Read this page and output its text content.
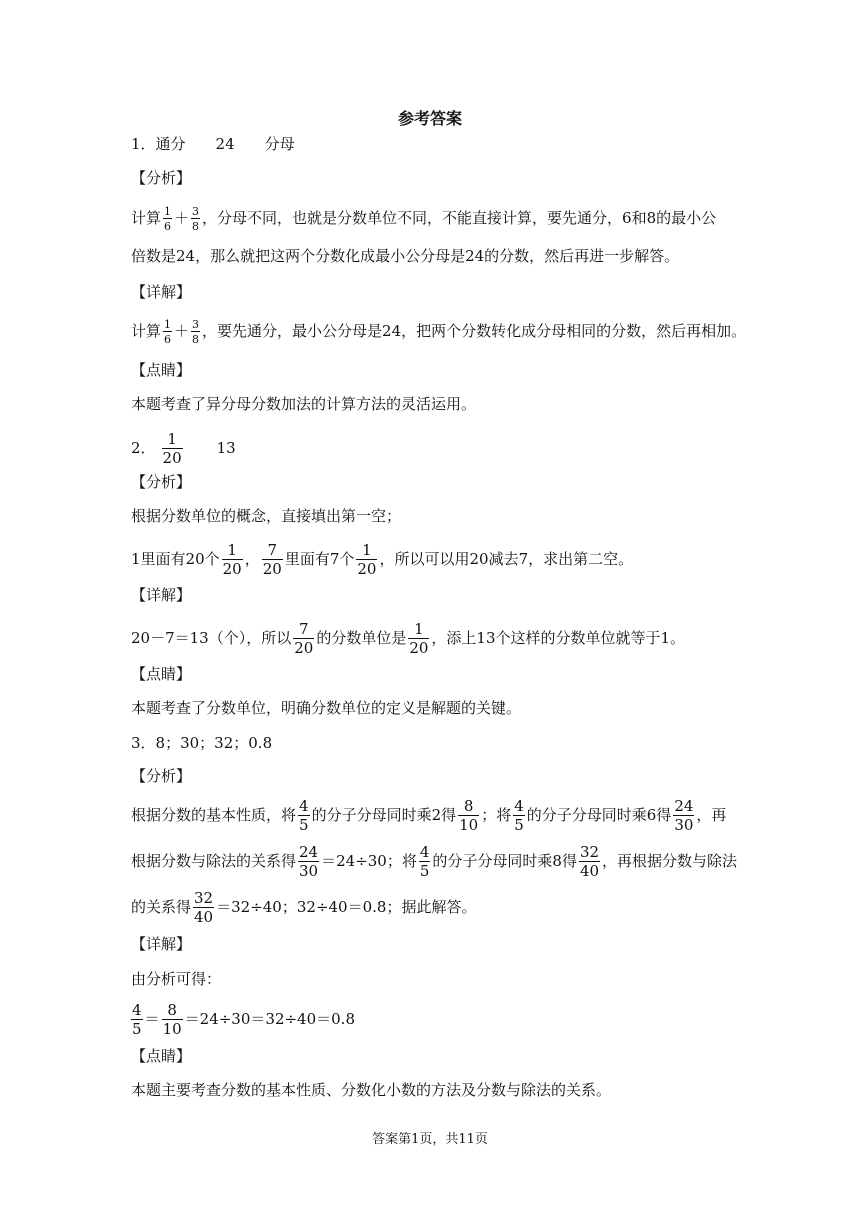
参考答案
1．通分　　24　　分母
【分析】
计算 $\frac{1}{6} + \frac{3}{8}$ ，分母不同，也就是分数单位不同，不能直接计算，要先通分，6和8的最小公
倍数是24，那么就把这两个分数化成最小公分母是24的分数，然后再进一步解答。
【详解】
计算 $\frac{1}{6} + \frac{3}{8}$ ，要先通分，最小公分母是24，把两个分数转化成分母相同的分数，然后再相加。
【点睛】
本题考查了异分母分数加法的计算方法的灵活运用。
2． $\frac{1}{20} 13$
【分析】
根据分数单位的概念，直接填出第一空；
1里面有20个 $\frac{1}{20}$ ， $\frac{7}{20}$ 里面有7个 $\frac{1}{20}$ ，所以可以用20减去7，求出第二空。
【详解】
20－7＝13（个），所以 $\frac{7}{20}$ 的分数单位是 $\frac{1}{20}$ ，添上13个这样的分数单位就等于1。
【点睛】
本题考查了分数单位，明确分数单位的定义是解题的关键。
3．8；30；32；0.8
【分析】
根据分数的基本性质，将 $\frac{4}{5}$ 的分子分母同时乘2得 $\frac{8}{10}$ ；将 $\frac{4}{5}$ 的分子分母同时乘6得 $\frac{24}{30}$ ，再
根据分数与除法的关系得 $\frac{24}{30} =24\div 30$；将 $\frac{4}{5}$ 的分子分母同时乘8得 $\frac{32}{40}$ ，再根据分数与除法
的关系得 $\frac{32}{40} =32\div 40$；32÷40＝0.8；据此解答。
【详解】
由分析可得：
$\frac{4}{5} = \frac{8}{10} =24\div 30=32\div 40=0.8$
【点睛】
本题主要考查分数的基本性质、分数化小数的方法及分数与除法的关系。
答案第1页，共11页
